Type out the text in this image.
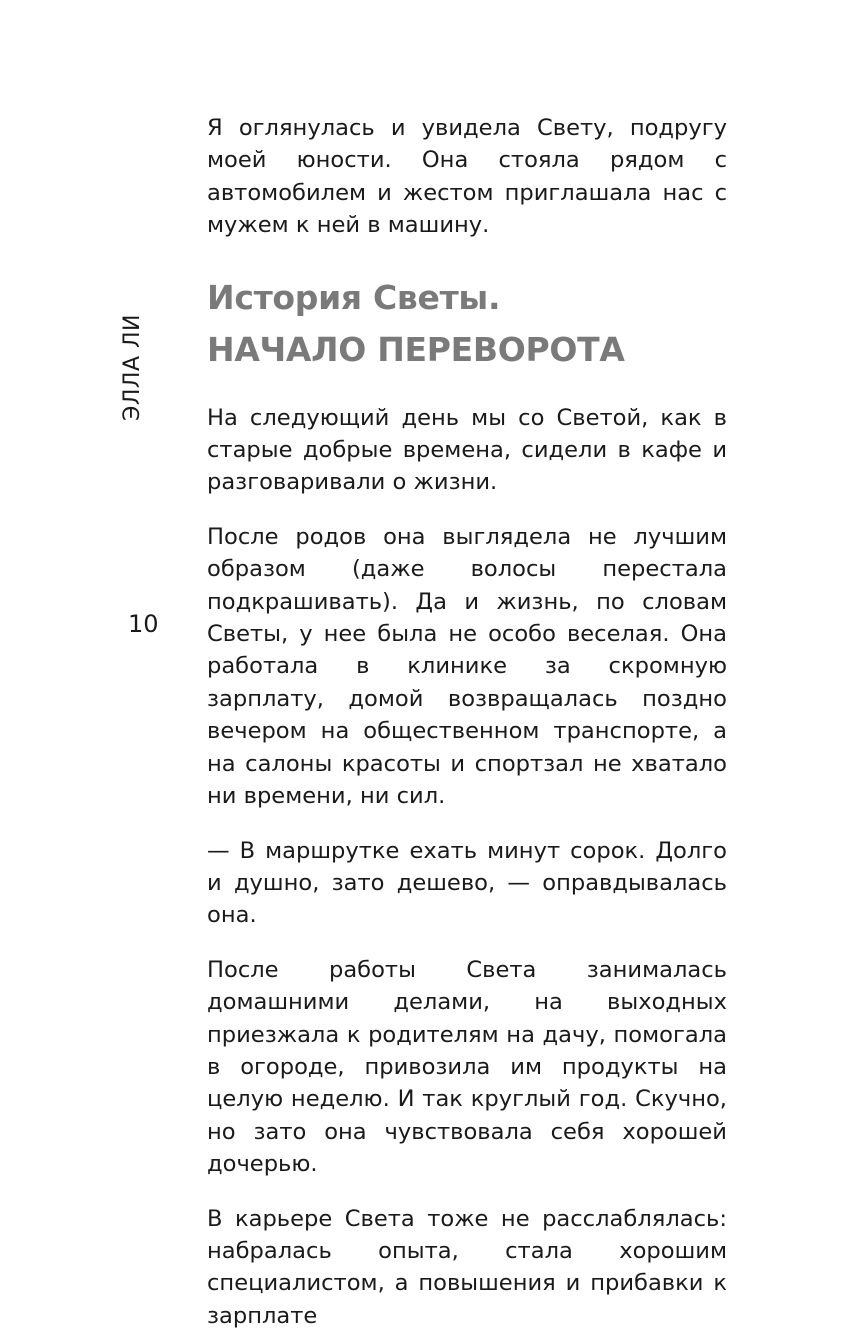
ЭЛЛА ЛИ
10

Я оглянулась и увидела Свету, подругу моей юности. Она стояла рядом с автомобилем и жестом приглашала нас с мужем к ней в машину.

История Светы.
НАЧАЛО ПЕРЕВОРОТА

На следующий день мы со Светой, как в старые добрые времена, сидели в кафе и разговаривали о жизни.

После родов она выглядела не лучшим образом (даже волосы перестала подкрашивать). Да и жизнь, по словам Светы, у нее была не особо веселая. Она работала в клинике за скромную зарплату, домой возвращалась поздно вечером на общественном транспорте, а на салоны красоты и спортзал не хватало ни времени, ни сил.

— В маршрутке ехать минут сорок. Долго и душно, зато дешево, — оправдывалась она.

После работы Света занималась домашними делами, на выходных приезжала к родителям на дачу, помогала в огороде, привозила им продукты на целую неделю. И так круглый год. Скучно, но зато она чувствовала себя хорошей дочерью.

В карьере Света тоже не расслаблялась: набралась опыта, стала хорошим специалистом, а повышения и прибавки к зарплате
